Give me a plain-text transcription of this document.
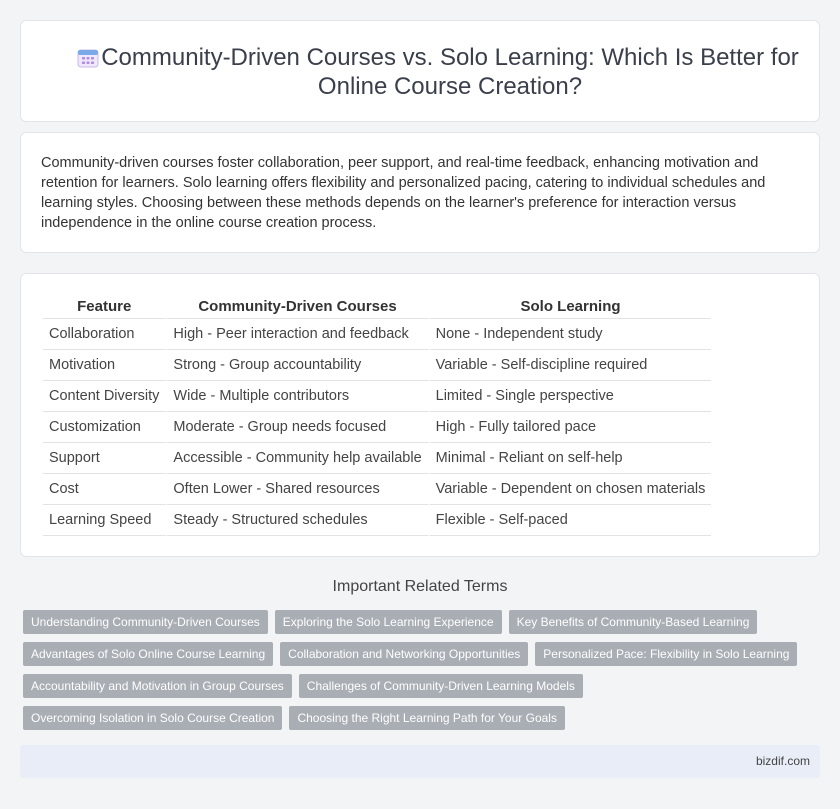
Community-Driven Courses vs. Solo Learning: Which Is Better for Online Course Creation?

Community-driven courses foster collaboration, peer support, and real-time feedback, enhancing motivation and retention for learners. Solo learning offers flexibility and personalized pacing, catering to individual schedules and learning styles. Choosing between these methods depends on the learner's preference for interaction versus independence in the online course creation process.

Feature	Community-Driven Courses	Solo Learning
Collaboration	High - Peer interaction and feedback	None - Independent study
Motivation	Strong - Group accountability	Variable - Self-discipline required
Content Diversity	Wide - Multiple contributors	Limited - Single perspective
Customization	Moderate - Group needs focused	High - Fully tailored pace
Support	Accessible - Community help available	Minimal - Reliant on self-help
Cost	Often Lower - Shared resources	Variable - Dependent on chosen materials
Learning Speed	Steady - Structured schedules	Flexible - Self-paced
Important Related Terms
Understanding Community-Driven Courses	Exploring the Solo Learning Experience	Key Benefits of Community-Based Learning
Advantages of Solo Online Course Learning	Collaboration and Networking Opportunities	Personalized Pace: Flexibility in Solo Learning
Accountability and Motivation in Group Courses	Challenges of Community-Driven Learning Models
Overcoming Isolation in Solo Course Creation	Choosing the Right Learning Path for Your Goals
bizdif.com
